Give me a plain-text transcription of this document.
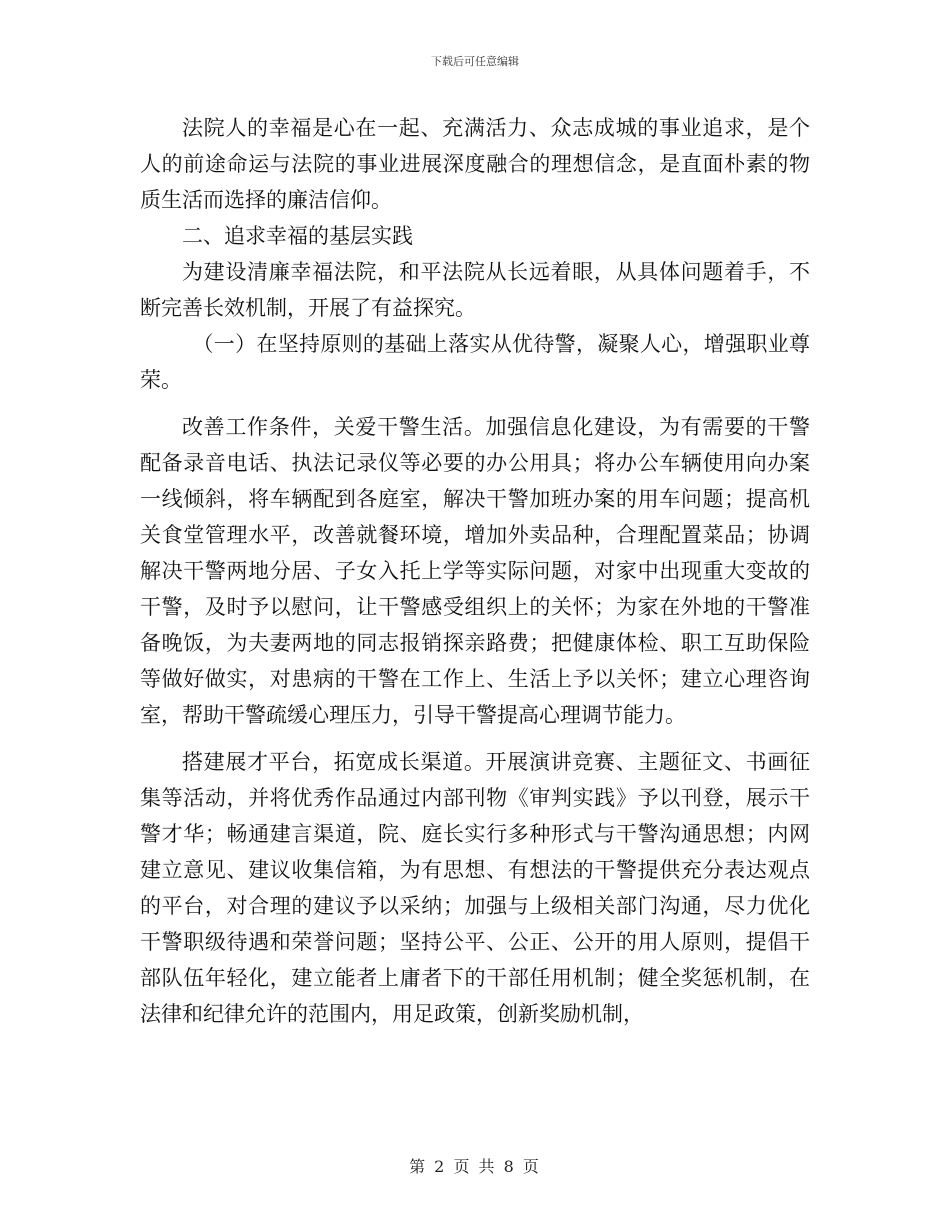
下载后可任意编辑

法院人的幸福是心在一起、充满活力、众志成城的事业追求，是个人的前途命运与法院的事业进展深度融合的理想信念，是直面朴素的物质生活而选择的廉洁信仰。

二、追求幸福的基层实践

为建设清廉幸福法院，和平法院从长远着眼，从具体问题着手，不断完善长效机制，开展了有益探究。

（一）在坚持原则的基础上落实从优待警，凝聚人心，增强职业尊荣。

改善工作条件，关爱干警生活。加强信息化建设，为有需要的干警配备录音电话、执法记录仪等必要的办公用具；将办公车辆使用向办案一线倾斜，将车辆配到各庭室，解决干警加班办案的用车问题；提高机关食堂管理水平，改善就餐环境，增加外卖品种，合理配置菜品；协调解决干警两地分居、子女入托上学等实际问题，对家中出现重大变故的干警，及时予以慰问，让干警感受组织上的关怀；为家在外地的干警准备晚饭，为夫妻两地的同志报销探亲路费；把健康体检、职工互助保险等做好做实，对患病的干警在工作上、生活上予以关怀；建立心理咨询室，帮助干警疏缓心理压力，引导干警提高心理调节能力。

搭建展才平台，拓宽成长渠道。开展演讲竞赛、主题征文、书画征集等活动，并将优秀作品通过内部刊物《审判实践》予以刊登，展示干警才华；畅通建言渠道，院、庭长实行多种形式与干警沟通思想；内网建立意见、建议收集信箱，为有思想、有想法的干警提供充分表达观点的平台，对合理的建议予以采纳；加强与上级相关部门沟通，尽力优化干警职级待遇和荣誉问题；坚持公平、公正、公开的用人原则，提倡干部队伍年轻化，建立能者上庸者下的干部任用机制；健全奖惩机制，在法律和纪律允许的范围内，用足政策，创新奖励机制，

第 2 页 共 8 页
